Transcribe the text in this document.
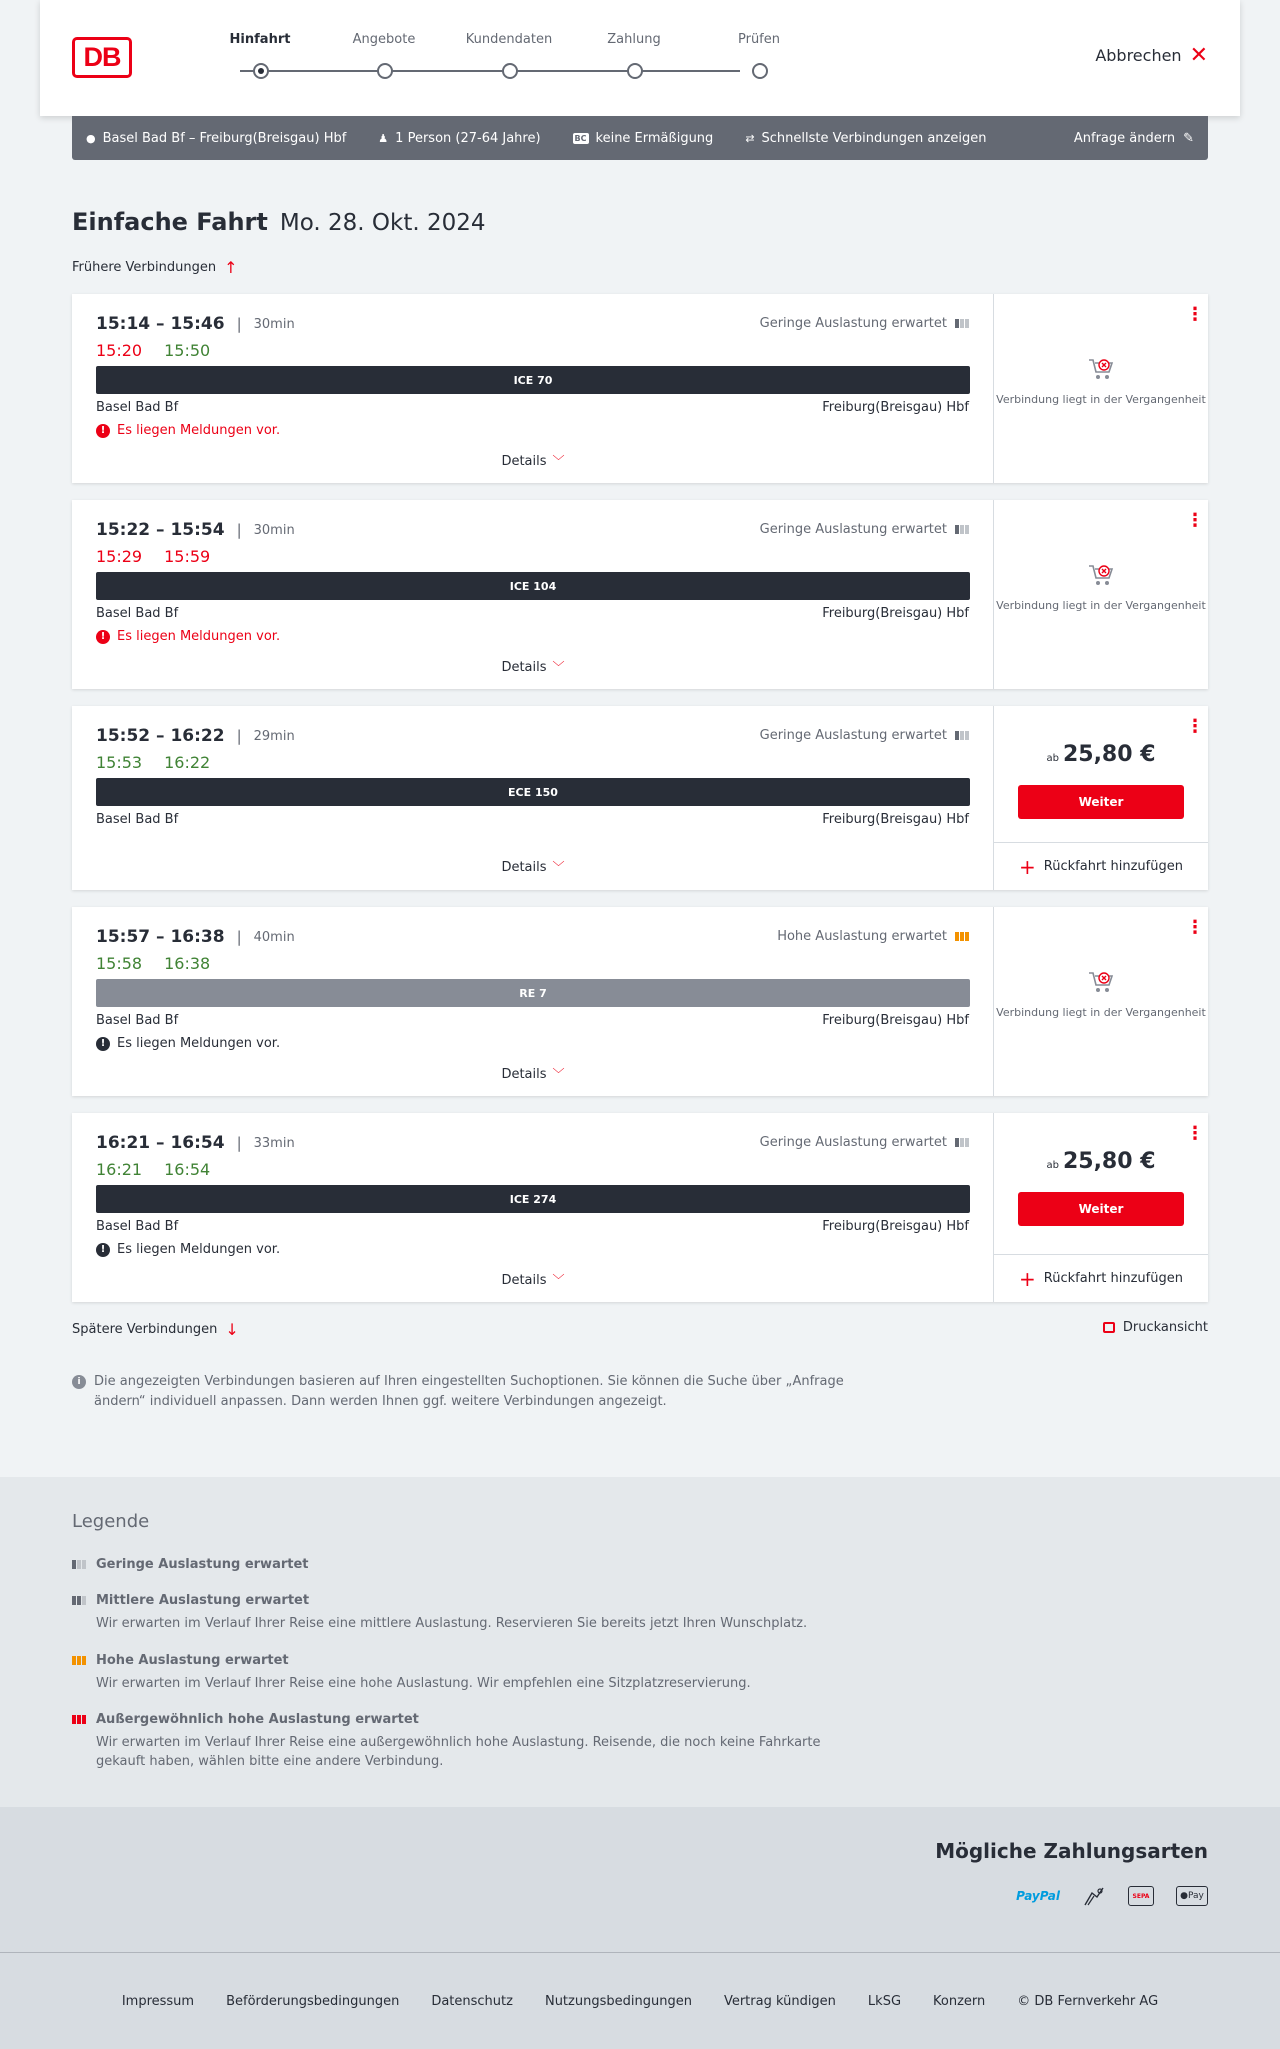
DB
Hinfahrt	Angebote	Kundendaten	Zahlung	Prüfen
Abbrechen ✕
● Basel Bad Bf – Freiburg(Breisgau) Hbf	♟ 1 Person (27-64 Jahre)	BC keine Ermäßigung	⇄ Schnellste Verbindungen anzeigen	Anfrage ändern ✎
Einfache Fahrt Mo. 28. Okt. 2024
Frühere Verbindungen ↑
15:14 – 15:46 | 30min
15:20 15:50
Geringe Auslastung erwartet
ICE 70
Basel Bad Bf	Freiburg(Breisgau) Hbf
! Es liegen Meldungen vor.
Details ﹀
⋮
Verbindung liegt in der Vergangenheit
15:22 – 15:54 | 30min
15:29 15:59
Geringe Auslastung erwartet
ICE 104
Basel Bad Bf	Freiburg(Breisgau) Hbf
! Es liegen Meldungen vor.
Details ﹀
⋮
Verbindung liegt in der Vergangenheit
15:52 – 16:22 | 29min
15:53 16:22
Geringe Auslastung erwartet
ECE 150
Basel Bad Bf	Freiburg(Breisgau) Hbf
Details ﹀
⋮
ab 25,80 €
Weiter
+ Rückfahrt hinzufügen
15:57 – 16:38 | 40min
15:58 16:38
Hohe Auslastung erwartet
RE 7
Basel Bad Bf	Freiburg(Breisgau) Hbf
! Es liegen Meldungen vor.
Details ﹀
⋮
Verbindung liegt in der Vergangenheit
16:21 – 16:54 | 33min
16:21 16:54
Geringe Auslastung erwartet
ICE 274
Basel Bad Bf	Freiburg(Breisgau) Hbf
! Es liegen Meldungen vor.
Details ﹀
⋮
ab 25,80 €
Weiter
+ Rückfahrt hinzufügen
Spätere Verbindungen ↓	Druckansicht
i	Die angezeigten Verbindungen basieren auf Ihren eingestellten Suchoptionen. Sie können die Suche über „Anfrage ändern“ individuell anpassen. Dann werden Ihnen ggf. weitere Verbindungen angezeigt.
Legende
Geringe Auslastung erwartet
Mittlere Auslastung erwartet
Wir erwarten im Verlauf Ihrer Reise eine mittlere Auslastung. Reservieren Sie bereits jetzt Ihren Wunschplatz.
Hohe Auslastung erwartet
Wir erwarten im Verlauf Ihrer Reise eine hohe Auslastung. Wir empfehlen eine Sitzplatzreservierung.
Außergewöhnlich hohe Auslastung erwartet
Wir erwarten im Verlauf Ihrer Reise eine außergewöhnlich hohe Auslastung. Reisende, die noch keine Fahrkarte gekauft haben, wählen bitte eine andere Verbindung.
Mögliche Zahlungsarten
Pay Pal	SEPA	● Pay
Impressum Beförderungsbedingungen Datenschutz Nutzungsbedingungen Vertrag kündigen LkSG Konzern © DB Fernverkehr AG
